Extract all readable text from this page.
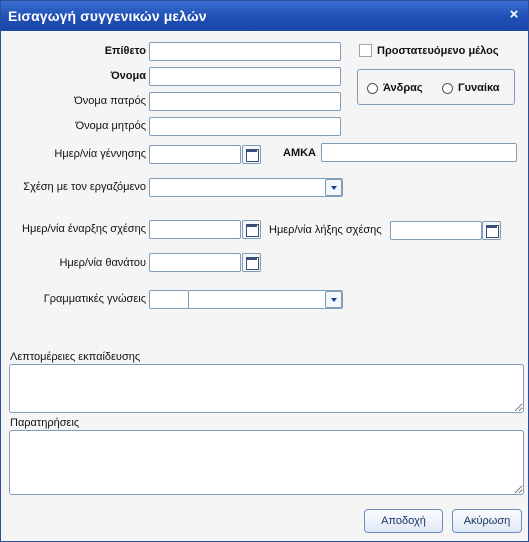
Εισαγωγή συγγενικών μελών	×
Επίθετο	Προστατευόμενο μέλος
Όνομα
Άνδρας	Γυναίκα
Όνομα πατρός
Όνομα μητρός
Ημερ/νία γέννησης	ΑΜΚΑ
Σχέση με τον εργαζόμενο
Ημερ/νία έναρξης σχέσης	Ημερ/νία λήξης σχέσης
Ημερ/νία θανάτου
Γραμματικές γνώσεις
Λεπτομέρειες εκπαίδευσης
Παρατηρήσεις
Αποδοχή	Ακύρωση
